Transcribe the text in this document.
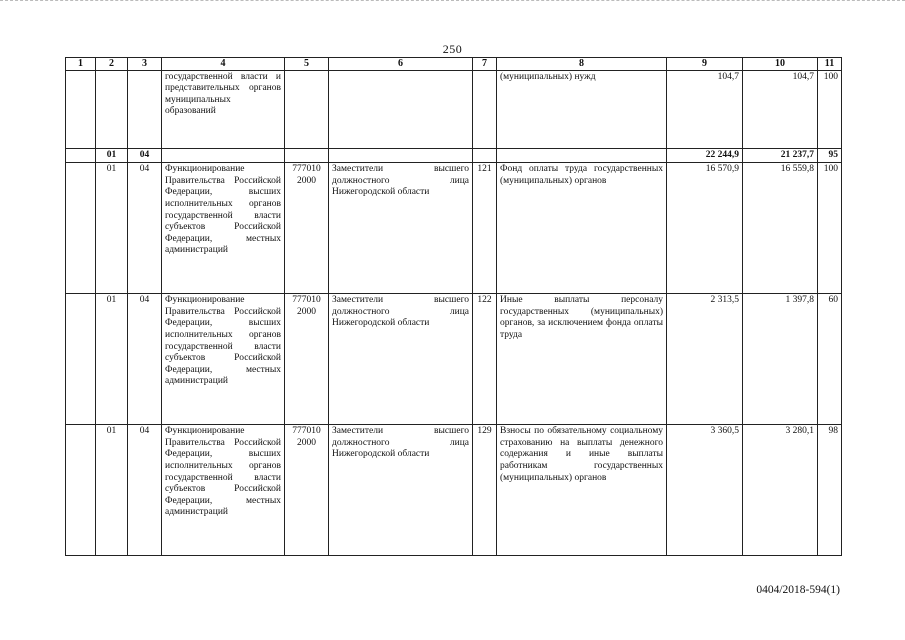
250
1	2	3	4	5	6	7	8	9	10	11
			государственной власти и представительных органов муниципальных образований				(муниципальных) нужд	104,7	104,7	100
	01	04						22 244,9	21 237,7	95
	01	04	Функционирование Правительства Российской Федерации, высших исполнительных органов государственной власти субъектов Российской Федерации, местных администраций	777010 2000	Заместители высшего должностного лица Нижегородской области	121	Фонд оплаты труда государственных (муниципальных) органов	16 570,9	16 559,8	100
	01	04	Функционирование Правительства Российской Федерации, высших исполнительных органов государственной власти субъектов Российской Федерации, местных администраций	777010 2000	Заместители высшего должностного лица Нижегородской области	122	Иные выплаты персоналу государственных (муниципальных) органов, за исключением фонда оплаты труда	2 313,5	1 397,8	60
	01	04	Функционирование Правительства Российской Федерации, высших исполнительных органов государственной власти субъектов Российской Федерации, местных администраций	777010 2000	Заместители высшего должностного лица Нижегородской области	129	Взносы по обязательному социальному страхованию на выплаты денежного содержания и иные выплаты работникам государственных (муниципальных) органов	3 360,5	3 280,1	98
0404/2018-594(1)
